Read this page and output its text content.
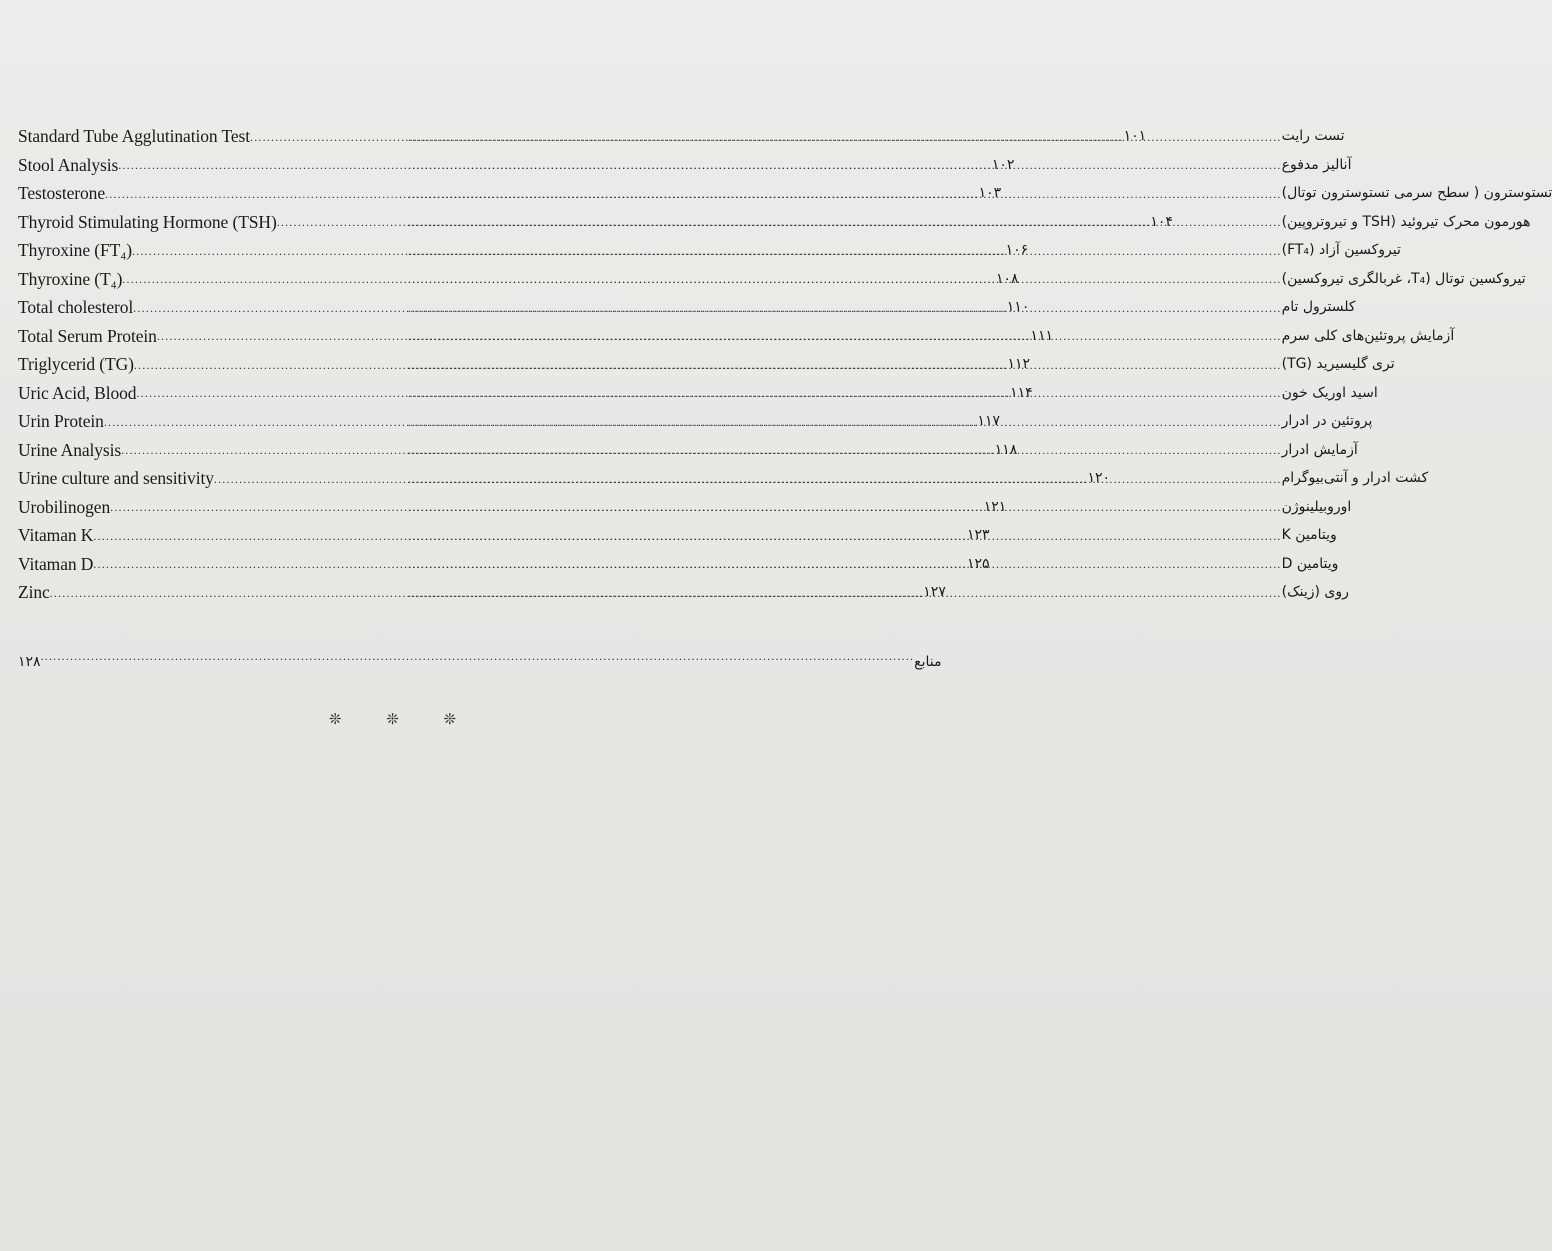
Standard Tube Agglutination Test .....	۱۰۱ .....	تست رایت
Stool Analysis .....	۱۰۲ .....	آنالیز مدفوع
Testosterone .....	۱۰۳ .....	تستوسترون ( سطح سرمی تستوسترون توتال)
Thyroid Stimulating Hormone (TSH) .....	۱۰۴ .....	هورمون محرک تیروئید (TSH و تیروتروپین)
Thyroxine (FT₄) .....	۱۰۶ .....	تیروکسین آزاد (FT₄)
Thyroxine (T₄) .....	۱۰۸ .....	تیروکسین توتال (T₄، غربالگری تیروکسین)
Total cholesterol .....	۱۱۰ .....	کلسترول تام
Total Serum Protein .....	۱۱۱ .....	آزمایش پروتئین‌های کلی سرم
Triglycerid (TG) .....	۱۱۲ .....	تری گلیسیرید (TG)
Uric Acid, Blood .....	۱۱۴ .....	اسید اوریک خون
Urin Protein .....	۱۱۷ .....	پروتئین در ادرار
Urine Analysis .....	۱۱۸ .....	آزمایش ادرار
Urine culture and sensitivity .....	۱۲۰ .....	کشت ادرار و آنتی‌بیوگرام
Urobilinogen .....	۱۲۱ .....	اوروبیلینوژن
Vitaman K .....	۱۲۳ .....	ویتامین K
Vitaman D .....	۱۲۵ .....	ویتامین D
Zinc .....	۱۲۷ .....	روی (زینک)
۱۲۸ .....	منابع
❊ ❊ ❊
